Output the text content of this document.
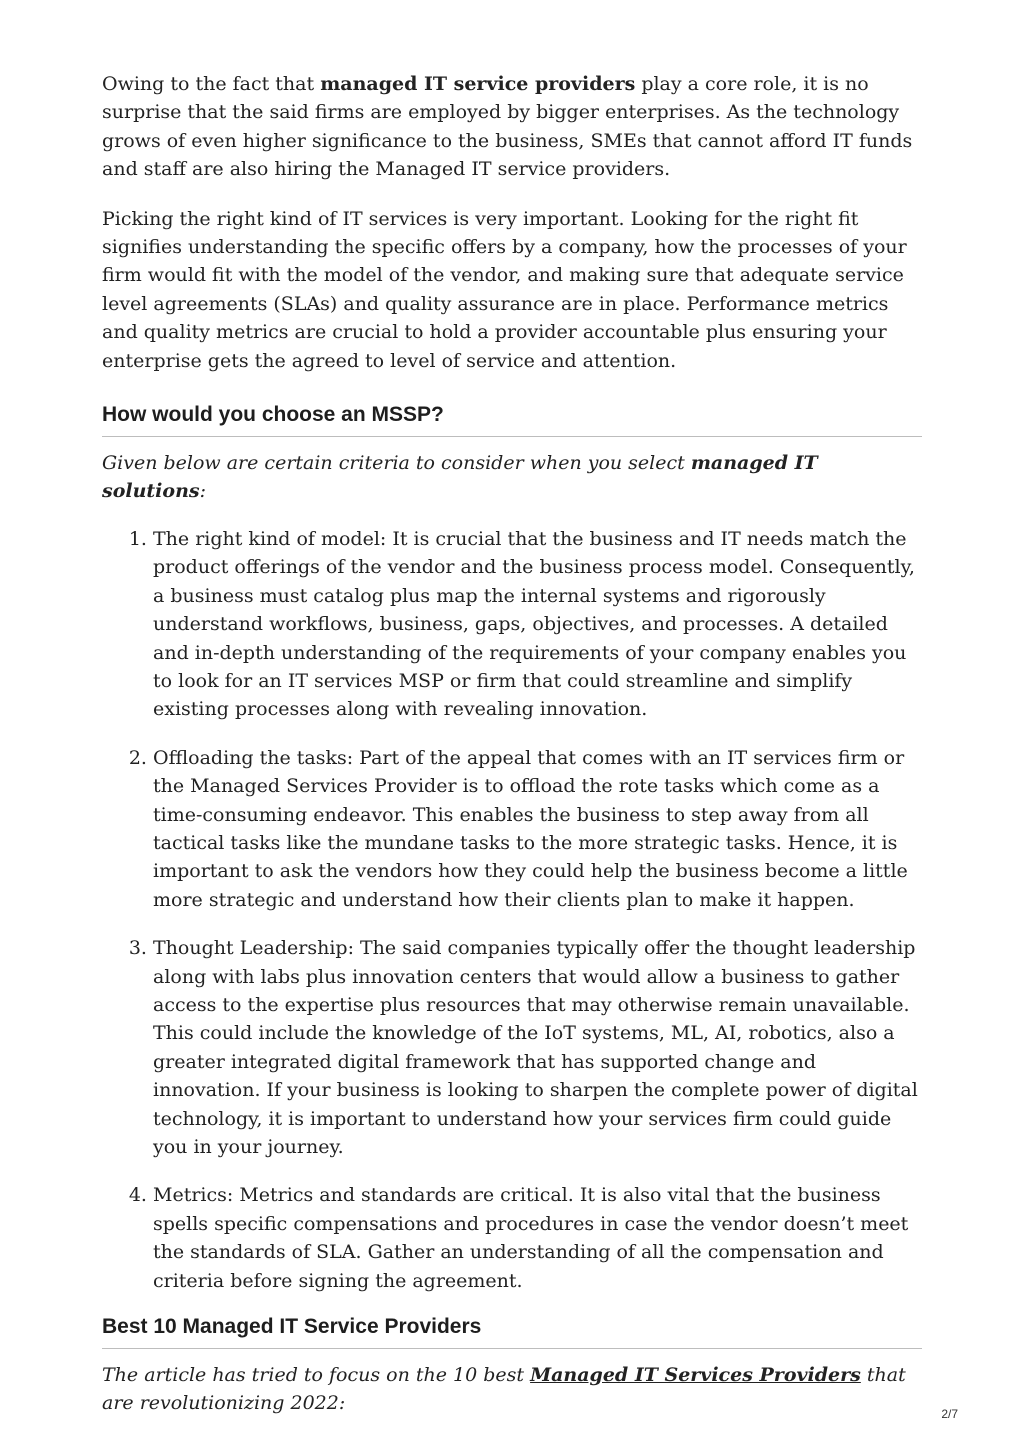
Owing to the fact that managed IT service providers play a core role, it is no surprise that the said firms are employed by bigger enterprises. As the technology grows of even higher significance to the business, SMEs that cannot afford IT funds and staff are also hiring the Managed IT service providers.

Picking the right kind of IT services is very important. Looking for the right fit signifies understanding the specific offers by a company, how the processes of your firm would fit with the model of the vendor, and making sure that adequate service level agreements (SLAs) and quality assurance are in place. Performance metrics and quality metrics are crucial to hold a provider accountable plus ensuring your enterprise gets the agreed to level of service and attention.

How would you choose an MSSP?

Given below are certain criteria to consider when you select managed IT solutions:

1. The right kind of model: It is crucial that the business and IT needs match the product offerings of the vendor and the business process model. Consequently, a business must catalog plus map the internal systems and rigorously understand workflows, business, gaps, objectives, and processes. A detailed and in-depth understanding of the requirements of your company enables you to look for an IT services MSP or firm that could streamline and simplify existing processes along with revealing innovation.
2. Offloading the tasks: Part of the appeal that comes with an IT services firm or the Managed Services Provider is to offload the rote tasks which come as a time-consuming endeavor. This enables the business to step away from all tactical tasks like the mundane tasks to the more strategic tasks. Hence, it is important to ask the vendors how they could help the business become a little more strategic and understand how their clients plan to make it happen.
3. Thought Leadership: The said companies typically offer the thought leadership along with labs plus innovation centers that would allow a business to gather access to the expertise plus resources that may otherwise remain unavailable. This could include the knowledge of the IoT systems, ML, AI, robotics, also a greater integrated digital framework that has supported change and innovation. If your business is looking to sharpen the complete power of digital technology, it is important to understand how your services firm could guide you in your journey.
4. Metrics: Metrics and standards are critical. It is also vital that the business spells specific compensations and procedures in case the vendor doesn’t meet the standards of SLA. Gather an understanding of all the compensation and criteria before signing the agreement.
Best 10 Managed IT Service Providers

The article has tried to focus on the 10 best Managed IT Services Providers that are revolutionizing 2022:	2/7
